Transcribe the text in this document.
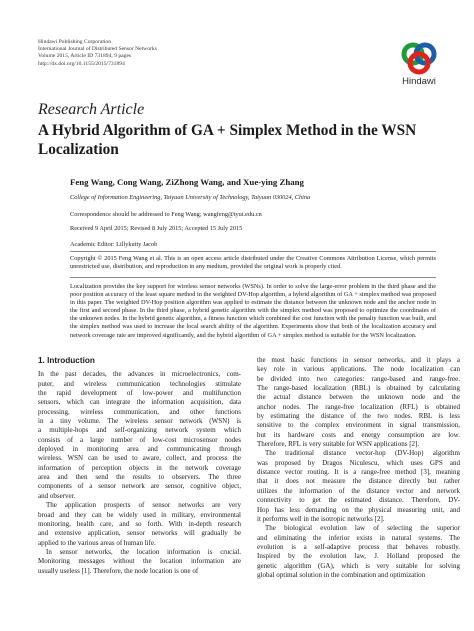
Hindawi Publishing Corporation
International Journal of Distributed Sensor Networks
Volume 2015, Article ID 731894, 9 pages
http://dx.doi.org/10.1155/2015/731894
Hindawi
Research Article
A Hybrid Algorithm of GA + Simplex Method in the WSN Localization
Feng Wang, Cong Wang, ZiZhong Wang, and Xue-ying Zhang
College of Information Engineering, Taiyuan University of Technology, Taiyuan 030024, China
Correspondence should be addressed to Feng Wang; wangfeng@tyut.edu.cn
Received 9 April 2015; Revised 8 July 2015; Accepted 15 July 2015
Academic Editor: Lillykutty Jacob
Copyright © 2015 Feng Wang et al. This is an open access article distributed under the Creative Commons Attribution License, which permits unrestricted use, distribution, and reproduction in any medium, provided the original work is properly cited.
Localization provides the key support for wireless sensor networks (WSNs). In order to solve the large-error problem in the third phase and the poor position accuracy of the least square method in the weighted DV-Hop algorithm, a hybrid algorithm of GA + simplex method was proposed in this paper. The weighted DV-Hop position algorithm was applied to estimate the distance between the unknown node and the anchor node in the first and second phase. In the third phase, a hybrid genetic algorithm with the simplex method was proposed to optimize the coordinates of the unknown nodes. In the hybrid genetic algorithm, a fitness function which combined the cost function with the penalty function was built, and the simplex method was used to increase the local search ability of the algorithm. Experiments show that both of the localization accuracy and network coverage rate are improved significantly, and the hybrid algorithm of GA + simplex method is suitable for the WSN localization.
1. Introduction
In the past decades, the advances in microelectronics, com-
puter, and wireless communication technologies stimulate
the rapid development of low-power and multifunction
sensors, which can integrate the information acquisition, data
processing, wireless communication, and other functions
in a tiny volume. The wireless sensor network (WSN) is
a multiple-hops and self-organizing network system which
consists of a large number of low-cost microsensor nodes
deployed in monitoring area and communicating through
wireless. WSN can be used to aware, collect, and process the
information of perception objects in the network coverage
area and then send the results to observers. The three
components of a sensor network are sensor, cognitive object,
and observer.
The application prospects of sensor networks are very
broad and they can be widely used in military, environmental
monitoring, health care, and so forth. With in-depth research
and extensive application, sensor networks will gradually be
applied to the various areas of human life.
In sensor networks, the location information is crucial.
Monitoring messages without the location information are
usually useless [1]. Therefore, the node location is one of
the most basic functions in sensor networks, and it plays a
key role in various applications. The node localization can
be divided into two categories: range-based and range-free.
The range-based localization (RBL) is obtained by calculating
the actual distance between the unknown node and the
anchor nodes. The range-free localization (RFL) is obtained
by estimating the distance of the two nodes. RBL is less
sensitive to the complex environment in signal transmission,
but its hardware costs and energy consumption are low.
Therefore, RFL is very suitable for WSN applications [2].
The traditional distance vector-hop (DV-Hop) algorithm
was proposed by Dragos Niculescu, which uses GPS and
distance vector routing. It is a range-free method [3], meaning
that it does not measure the distance directly but rather
utilizes the information of the distance vector and network
connectivity to get the estimated distance. Therefore, DV-
Hop has less demanding on the physical measuring unit, and
it performs well in the isotropic networks [2].
The biological evolution law of selecting the superior
and eliminating the inferior exists in natural systems. The
evolution is a self-adaptive process that behaves robustly.
Inspired by the evolution law, J. Holland proposed the
genetic algorithm (GA), which is very suitable for solving
global optimal solution in the combination and optimization
